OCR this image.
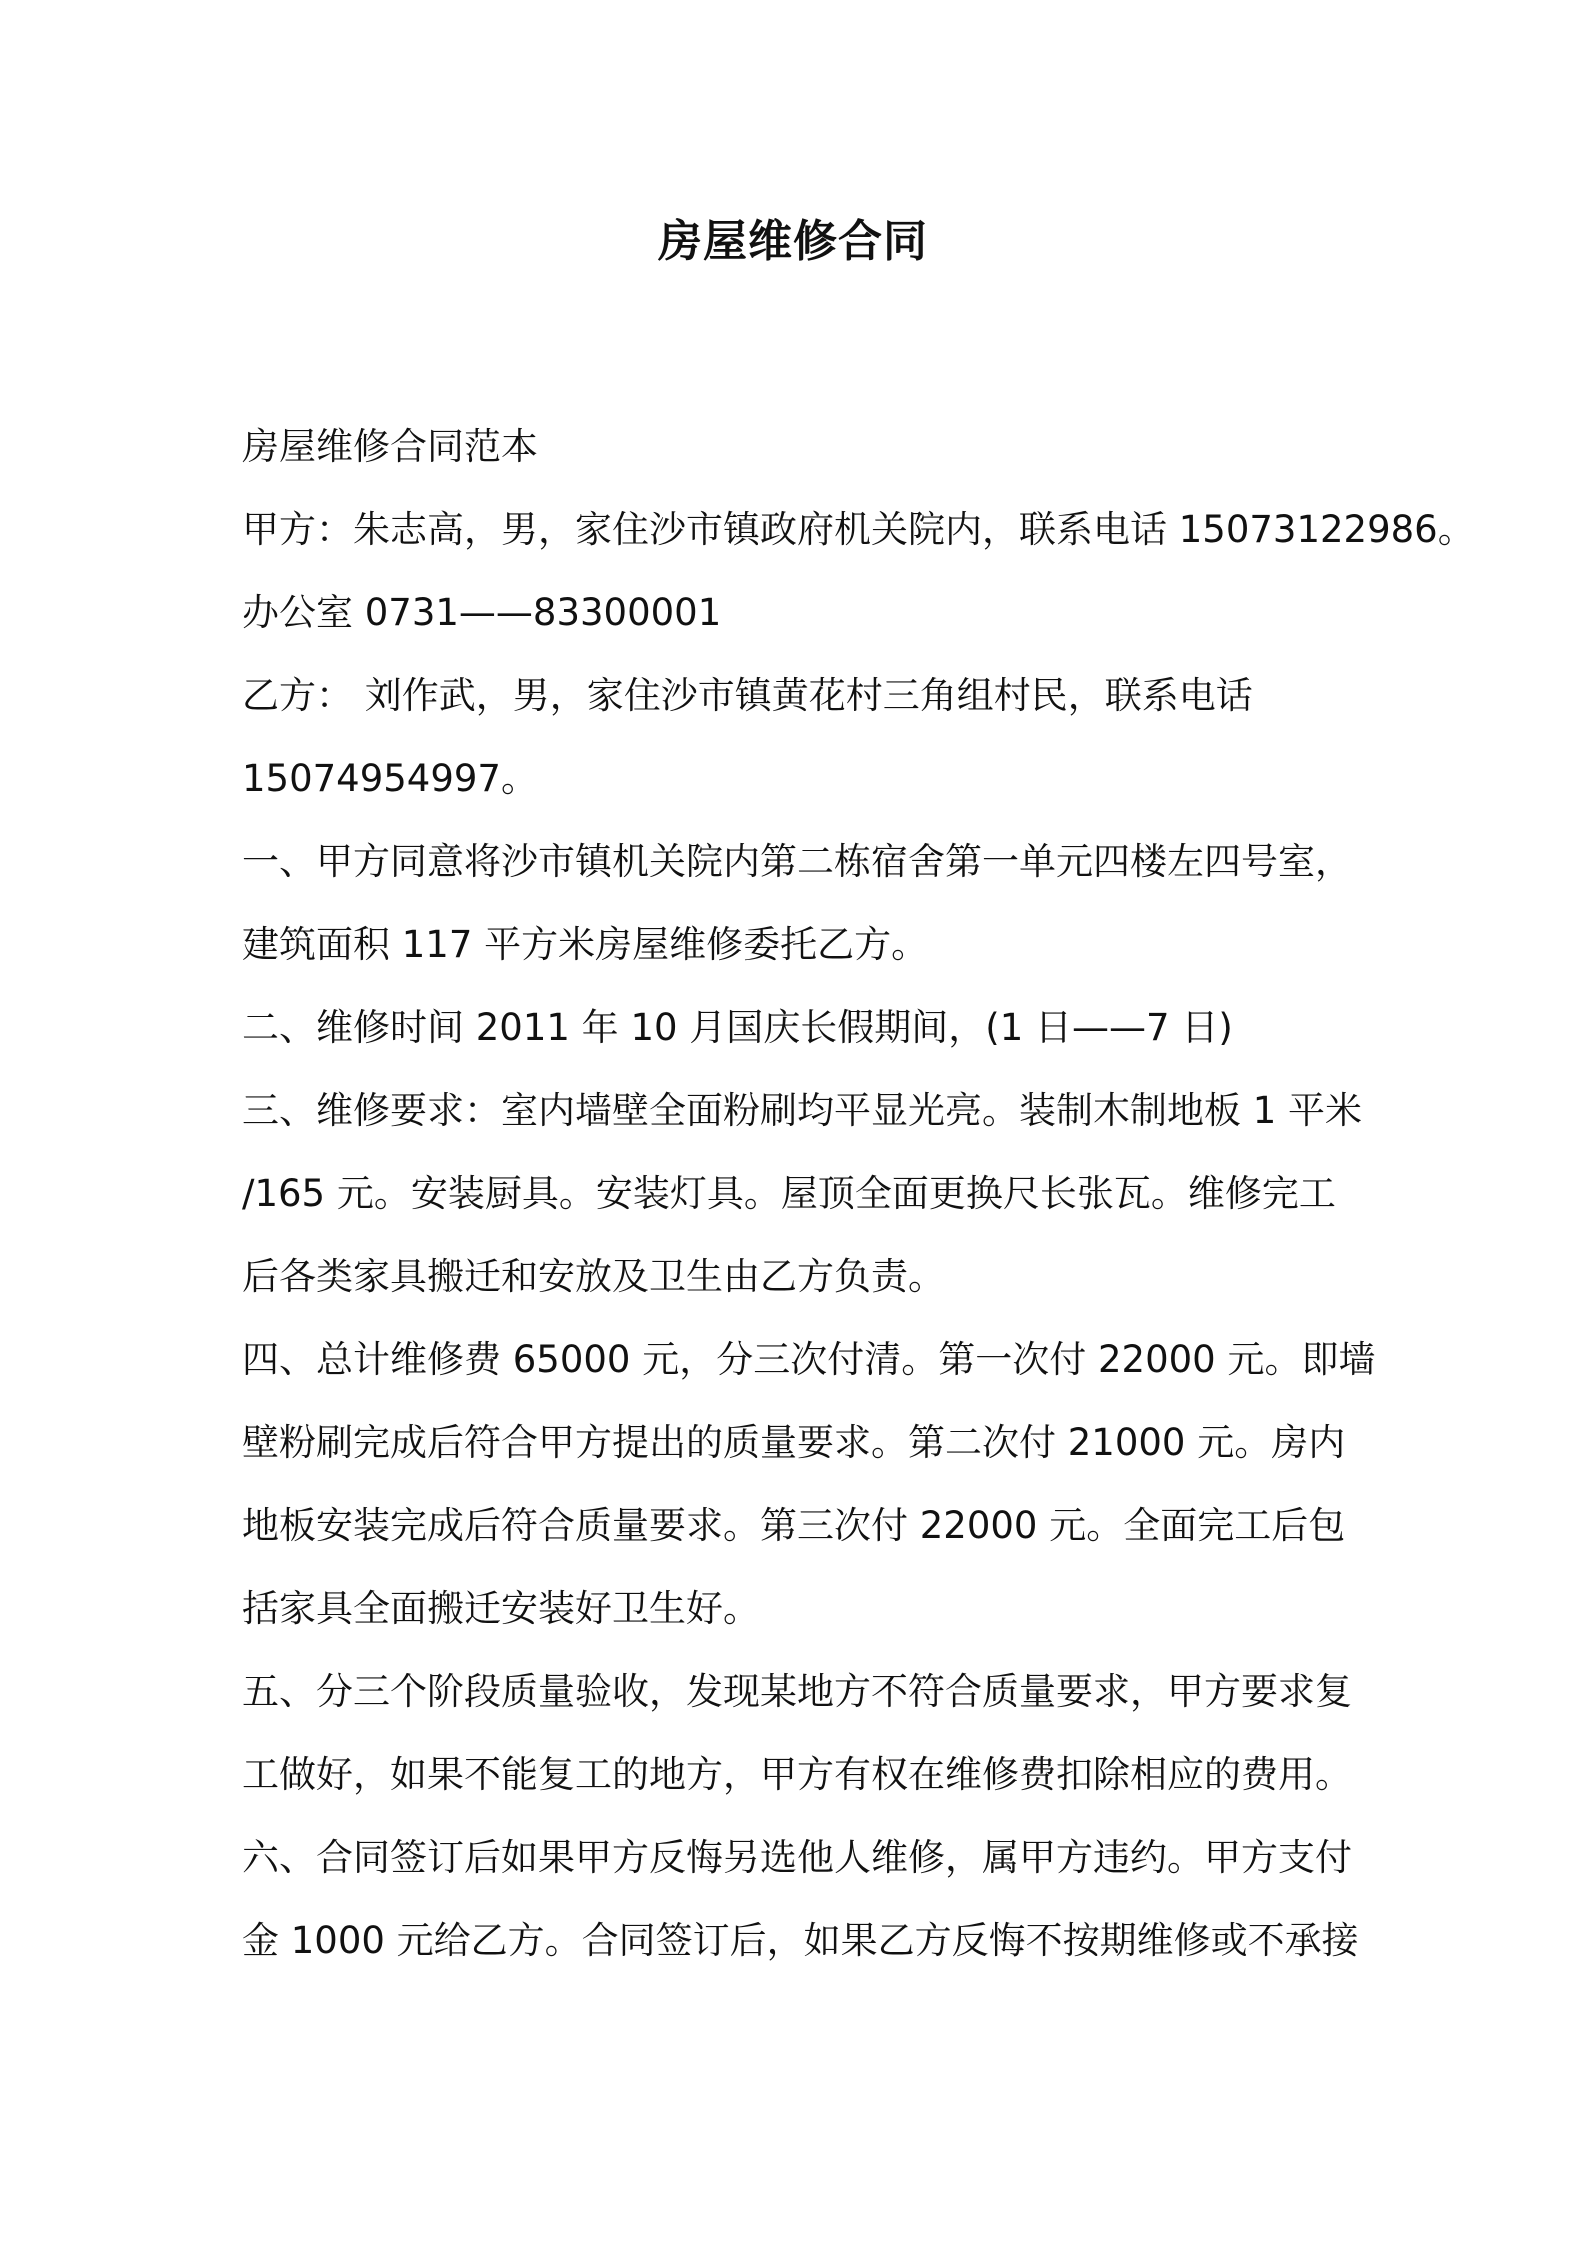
房屋维修合同
房屋维修合同范本
甲方：朱志高，男，家住沙市镇政府机关院内，联系电话 15073122986。
办公室 0731——83300001
乙方： 刘作武，男，家住沙市镇黄花村三角组村民，联系电话
15074954997。
一、甲方同意将沙市镇机关院内第二栋宿舍第一单元四楼左四号室，
建筑面积 117 平方米房屋维修委托乙方。
二、维修时间 2011 年 10 月国庆长假期间，(1 日——7 日)
三、维修要求：室内墙壁全面粉刷均平显光亮。装制木制地板 1 平米
/165 元。安装厨具。安装灯具。屋顶全面更换尺长张瓦。维修完工
后各类家具搬迁和安放及卫生由乙方负责。
四、总计维修费 65000 元，分三次付清。第一次付 22000 元。即墙
壁粉刷完成后符合甲方提出的质量要求。第二次付 21000 元。房内
地板安装完成后符合质量要求。第三次付 22000 元。全面完工后包
括家具全面搬迁安装好卫生好。
五、分三个阶段质量验收，发现某地方不符合质量要求，甲方要求复
工做好，如果不能复工的地方，甲方有权在维修费扣除相应的费用。
六、合同签订后如果甲方反悔另选他人维修，属甲方违约。甲方支付
金 1000 元给乙方。合同签订后，如果乙方反悔不按期维修或不承接
